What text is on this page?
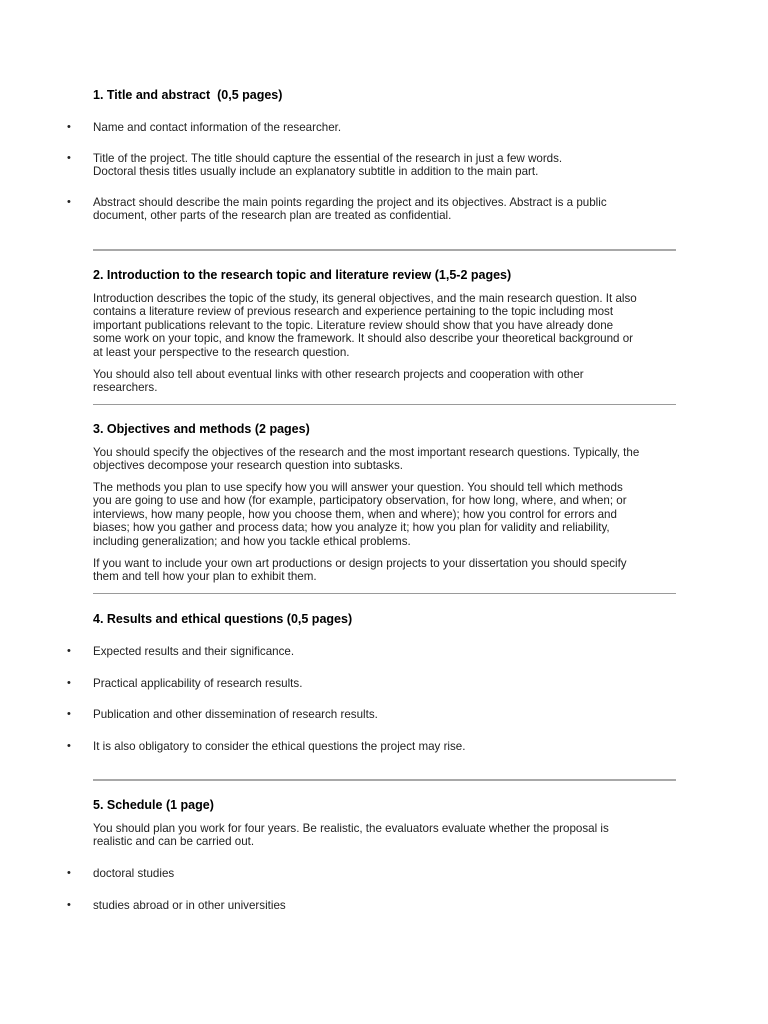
1. Title and abstract  (0,5 pages)
• Name and contact information of the researcher.

• Title of the project. The title should capture the essential of the research in just a few words.
Doctoral thesis titles usually include an explanatory subtitle in addition to the main part.

• Abstract should describe the main points regarding the project and its objectives. Abstract is a public
document, other parts of the research plan are treated as confidential.

2. Introduction to the research topic and literature review (1,5-2 pages)

Introduction describes the topic of the study, its general objectives, and the main research question. It also
contains a literature review of previous research and experience pertaining to the topic including most
important publications relevant to the topic. Literature review should show that you have already done
some work on your topic, and know the framework. It should also describe your theoretical background or
at least your perspective to the research question.

You should also tell about eventual links with other research projects and cooperation with other
researchers.

3. Objectives and methods (2 pages)

You should specify the objectives of the research and the most important research questions. Typically, the
objectives decompose your research question into subtasks.

The methods you plan to use specify how you will answer your question. You should tell which methods
you are going to use and how (for example, participatory observation, for how long, where, and when; or
interviews, how many people, how you choose them, when and where); how you control for errors and
biases; how you gather and process data; how you analyze it; how you plan for validity and reliability,
including generalization; and how you tackle ethical problems.

If you want to include your own art productions or design projects to your dissertation you should specify
them and tell how your plan to exhibit them.

4. Results and ethical questions (0,5 pages)
• Expected results and their significance.

• Practical applicability of research results.

• Publication and other dissemination of research results.

• It is also obligatory to consider the ethical questions the project may rise.

5. Schedule (1 page)

You should plan you work for four years. Be realistic, the evaluators evaluate whether the proposal is
realistic and can be carried out.

• doctoral studies

• studies abroad or in other universities
